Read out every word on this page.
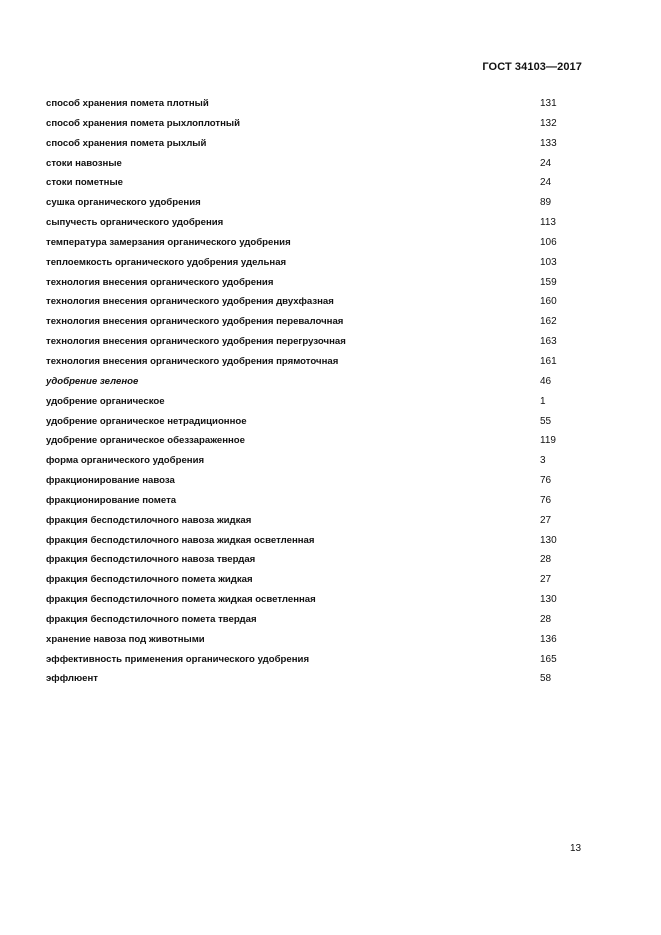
ГОСТ 34103—2017
способ хранения помета плотный	131
способ хранения помета рыхлоплотный	132
способ хранения помета рыхлый	133
стоки навозные	24
стоки пометные	24
сушка органического удобрения	89
сыпучесть органического удобрения	113
температура замерзания органического удобрения	106
теплоемкость органического удобрения удельная	103
технология внесения органического удобрения	159
технология внесения органического удобрения двухфазная	160
технология внесения органического удобрения перевалочная	162
технология внесения органического удобрения перегрузочная	163
технология внесения органического удобрения прямоточная	161
удобрение зеленое	46
удобрение органическое	1
удобрение органическое нетрадиционное	55
удобрение органическое обеззараженное	119
форма органического удобрения	3
фракционирование навоза	76
фракционирование помета	76
фракция бесподстилочного навоза жидкая	27
фракция бесподстилочного навоза жидкая осветленная	130
фракция бесподстилочного навоза твердая	28
фракция бесподстилочного помета жидкая	27
фракция бесподстилочного помета жидкая осветленная	130
фракция бесподстилочного помета твердая	28
хранение навоза под животными	136
эффективность применения органического удобрения	165
эффлюент	58
13
